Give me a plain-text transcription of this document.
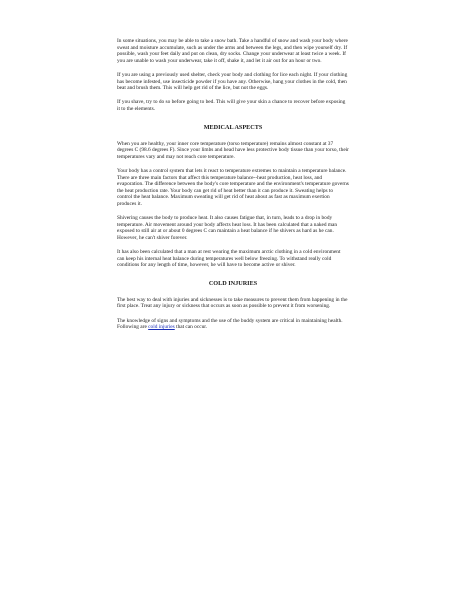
In some situations, you may be able to take a snow bath. Take a handful of snow and wash your body where sweat and moisture accumulate, such as under the arms and between the legs, and then wipe yourself dry. If possible, wash your feet daily and put on clean, dry socks. Change your underwear at least twice a week. If you are unable to wash your underwear, take it off, shake it, and let it air out for an hour or two.

If you are using a previously used shelter, check your body and clothing for lice each night. If your clothing has become infested, use insecticide powder if you have any. Otherwise, hang your clothes in the cold, then beat and brush them. This will help get rid of the lice, but not the eggs.

If you shave, try to do so before going to bed. This will give your skin a chance to recover before exposing it to the elements.

MEDICAL ASPECTS

When you are healthy, your inner core temperature (torso temperature) remains almost constant at 37 degrees C (98.6 degrees F). Since your limbs and head have less protective body tissue than your torso, their temperatures vary and may not reach core temperature.

Your body has a control system that lets it react to temperature extremes to maintain a temperature balance. There are three main factors that affect this temperature balance--heat production, heat loss, and evaporation. The difference between the body's core temperature and the environment's temperature governs the heat production rate. Your body can get rid of heat better than it can produce it. Sweating helps to control the heat balance. Maximum sweating will get rid of heat about as fast as maximum exertion produces it.

Shivering causes the body to produce heat. It also causes fatigue that, in turn, leads to a drop in body temperature. Air movement around your body affects heat loss. It has been calculated that a naked man exposed to still air at or about 0 degrees C can maintain a heat balance if he shivers as hard as he can. However, he can't shiver forever.

It has also been calculated that a man at rest wearing the maximum arctic clothing in a cold environment can keep his internal heat balance during temperatures well below freezing. To withstand really cold conditions for any length of time, however, he will have to become active or shiver.

COLD INJURIES

The best way to deal with injuries and sicknesses is to take measures to prevent them from happening in the first place. Treat any injury or sickness that occurs as soon as possible to prevent it from worsening.

The knowledge of signs and symptoms and the use of the buddy system are critical in maintaining health. Following are cold injuries that can occur.
